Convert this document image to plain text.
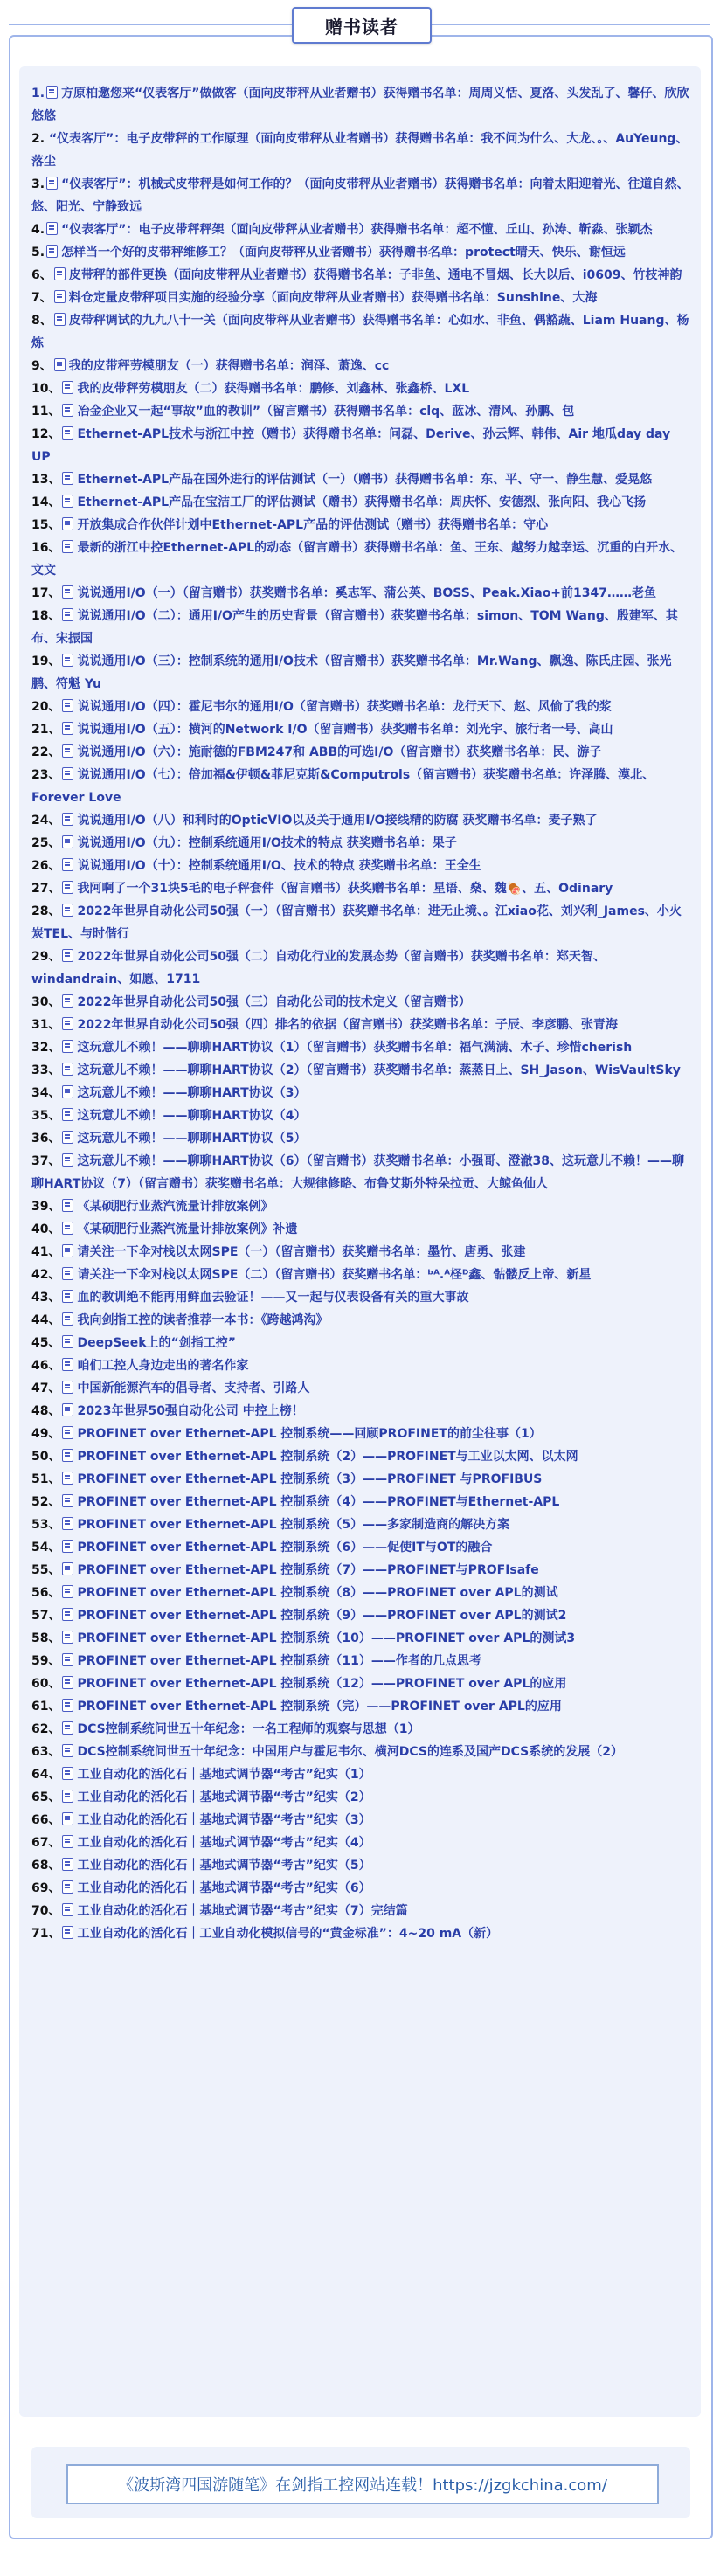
赠书读者
1. 方原柏邀您来“仪表客厅”做做客（面向皮带秤从业者赠书）获得赠书名单：周周义恬、夏洛、头发乱了、馨仔、欣欣悠悠
2. “仪表客厅”：电子皮带秤的工作原理（面向皮带秤从业者赠书）获得赠书名单：我不问为什么、大龙、。、AuYeung、落尘
3. “仪表客厅”：机械式皮带秤是如何工作的？（面向皮带秤从业者赠书）获得赠书名单：向着太阳迎着光、往道自然、悠、阳光、宁静致远
4. “仪表客厅”：电子皮带秤秤架（面向皮带秤从业者赠书）获得赠书名单：超不懂、丘山、孙涛、靳淼、张颖杰
5. 怎样当一个好的皮带秤维修工？（面向皮带秤从业者赠书）获得赠书名单：protect晴天、快乐、谢恒远
6、 皮带秤的部件更换（面向皮带秤从业者赠书）获得赠书名单：子非鱼、通电不冒烟、长大以后、i0609、竹枝神韵
7、 料仓定量皮带秤项目实施的经验分享（面向皮带秤从业者赠书）获得赠书名单：Sunshine、大海
8、 皮带秤调试的九九八十一关（面向皮带秤从业者赠书）获得赠书名单：心如水、非鱼、偶豁蔬、Liam Huang、杨炼
9、 我的皮带秤劳模朋友（一）获得赠书名单：润泽、萧逸、cc
10、 我的皮带秤劳模朋友（二）获得赠书名单：鹏修、刘鑫林、张鑫桥、LXL
11、 冶金企业又一起“事故”血的教训”（留言赠书）获得赠书名单：clq、蓝冰、清风、孙鹏、包
12、 Ethernet-APL技术与浙江中控（赠书）获得赠书名单：问磊、Derive、孙云辉、韩伟、Air 地瓜day day UP
13、 Ethernet-APL产品在国外进行的评估测试（一）（赠书）获得赠书名单：东、平、守一、静生慧、爱晃悠
14、 Ethernet-APL产品在宝洁工厂的评估测试（赠书）获得赠书名单：周庆怀、安德烈、张向阳、我心飞扬
15、 开放集成合作伙伴计划中Ethernet-APL产品的评估测试（赠书）获得赠书名单：守心
16、 最新的浙江中控Ethernet-APL的动态（留言赠书）获得赠书名单：鱼、王东、越努力越幸运、沉重的白开水、文文
17、 说说通用I/O（一）（留言赠书）获奖赠书名单：奚志军、蒲公英、BOSS、Peak.Xiao+前1347……老鱼
18、 说说通用I/O（二）：通用I/O产生的历史背景（留言赠书）获奖赠书名单：simon、TOM Wang、殷建军、其布、宋振国
19、 说说通用I/O（三）：控制系统的通用I/O技术（留言赠书）获奖赠书名单：Mr.Wang、飘逸、陈氏庄园、张光鹏、符魁 Yu
20、 说说通用I/O（四）：霍尼韦尔的通用I/O（留言赠书）获奖赠书名单：龙行天下、赵、风偷了我的浆
21、 说说通用I/O（五）：横河的Network I/O（留言赠书）获奖赠书名单：刘光宇、旅行者一号、高山
22、 说说通用I/O（六）：施耐德的FBM247和 ABB的可选I/O（留言赠书）获奖赠书名单：民、游子
23、 说说通用I/O（七）：倍加福&伊顿&菲尼克斯&Computrols（留言赠书）获奖赠书名单：许泽腾、漠北、Forever Love
24、 说说通用I/O（八）和利时的OpticVIO以及关于通用I/O接线精的防腐 获奖赠书名单：麦子熟了
25、 说说通用I/O（九）：控制系统通用I/O技术的特点 获奖赠书名单：果子
26、 说说通用I/O（十）：控制系统通用I/O、技术的特点 获奖赠书名单：王全生
27、 我阿啊了一个31块5毛的电子秤套件（留言赠书）获奖赠书名单：星语、燊、魏🍖、五、Odinary
28、 2022年世界自动化公司50强（一）（留言赠书）获奖赠书名单：进无止境、。江xiao花、刘兴利_James、小火炭TEL、与时偕行
29、 2022年世界自动化公司50强（二）自动化行业的发展态势（留言赠书）获奖赠书名单：郑天智、windandrain、如愿、1711
30、 2022年世界自动化公司50强（三）自动化公司的技术定义（留言赠书）
31、 2022年世界自动化公司50强（四）排名的依据（留言赠书）获奖赠书名单：子辰、李彦鹏、张青海
32、 这玩意儿不赖！——聊聊HART协议（1）（留言赠书）获奖赠书名单：福气满满、木子、珍惜cherish
33、 这玩意儿不赖！——聊聊HART协议（2）（留言赠书）获奖赠书名单：蒸蒸日上、SH_Jason、WisVaultSky
34、 这玩意儿不赖！——聊聊HART协议（3）
35、 这玩意儿不赖！——聊聊HART协议（4）
36、 这玩意儿不赖！——聊聊HART协议（5）
37、 这玩意儿不赖！——聊聊HART协议（6）（留言赠书）获奖赠书名单：小强哥、澄澈38、这玩意儿不赖！——聊聊HART协议（7）（留言赠书）获奖赠书名单：大规律修略、布鲁艾斯外特朵拉贡、大鲸鱼仙人
39、 《某硕肥行业蒸汽流量计排放案例》
40、 《某硕肥行业蒸汽流量计排放案例》补遗
41、 请关注一下伞对栈以太网SPE（一）（留言赠书）获奖赠书名单：墨竹、唐勇、张建
42、 请关注一下伞对栈以太网SPE（二）（留言赠书）获奖赠书名单：ᵇᴬ.ᴬ柽ᴰ鑫、骷髅反上帝、新星
43、 血的教训绝不能再用鲜血去验证！——又一起与仪表设备有关的重大事故
44、 我向剑指工控的读者推荐一本书：《跨越鸿沟》
45、 DeepSeek上的“剑指工控”
46、 咱们工控人身边走出的著名作家
47、 中国新能源汽车的倡导者、支持者、引路人
48、 2023年世界50强自动化公司 中控上榜！
49、 PROFINET over Ethernet-APL 控制系统——回顾PROFINET的前尘往事（1）
50、 PROFINET over Ethernet-APL 控制系统（2）——PROFINET与工业以太网、以太网
51、 PROFINET over Ethernet-APL 控制系统（3）——PROFINET 与PROFIBUS
52、 PROFINET over Ethernet-APL 控制系统（4）——PROFINET与Ethernet-APL
53、 PROFINET over Ethernet-APL 控制系统（5）——多家制造商的解决方案
54、 PROFINET over Ethernet-APL 控制系统（6）——促使IT与OT的融合
55、 PROFINET over Ethernet-APL 控制系统（7）——PROFINET与PROFIsafe
56、 PROFINET over Ethernet-APL 控制系统（8）——PROFINET over APL的测试
57、 PROFINET over Ethernet-APL 控制系统（9）——PROFINET over APL的测试2
58、 PROFINET over Ethernet-APL 控制系统（10）——PROFINET over APL的测试3
59、 PROFINET over Ethernet-APL 控制系统（11）——作者的几点思考
60、 PROFINET over Ethernet-APL 控制系统（12）——PROFINET over APL的应用
61、 PROFINET over Ethernet-APL 控制系统（完）——PROFINET over APL的应用
62、 DCS控制系统问世五十年纪念：一名工程师的观察与思想（1）
63、 DCS控制系统问世五十年纪念：中国用户与霍尼韦尔、横河DCS的连系及国产DCS系统的发展（2）
64、 工业自动化的活化石｜基地式调节器“考古”纪实（1）
65、 工业自动化的活化石｜基地式调节器“考古”纪实（2）
66、 工业自动化的活化石｜基地式调节器“考古”纪实（3）
67、 工业自动化的活化石｜基地式调节器“考古”纪实（4）
68、 工业自动化的活化石｜基地式调节器“考古”纪实（5）
69、 工业自动化的活化石｜基地式调节器“考古”纪实（6）
70、 工业自动化的活化石｜基地式调节器“考古”纪实（7）完结篇
71、 工业自动化的活化石｜工业自动化模拟信号的“黄金标准”：4~20 mA（新）
《波斯湾四国游随笔》在剑指工控网站连载！https://jzgkchina.com/
